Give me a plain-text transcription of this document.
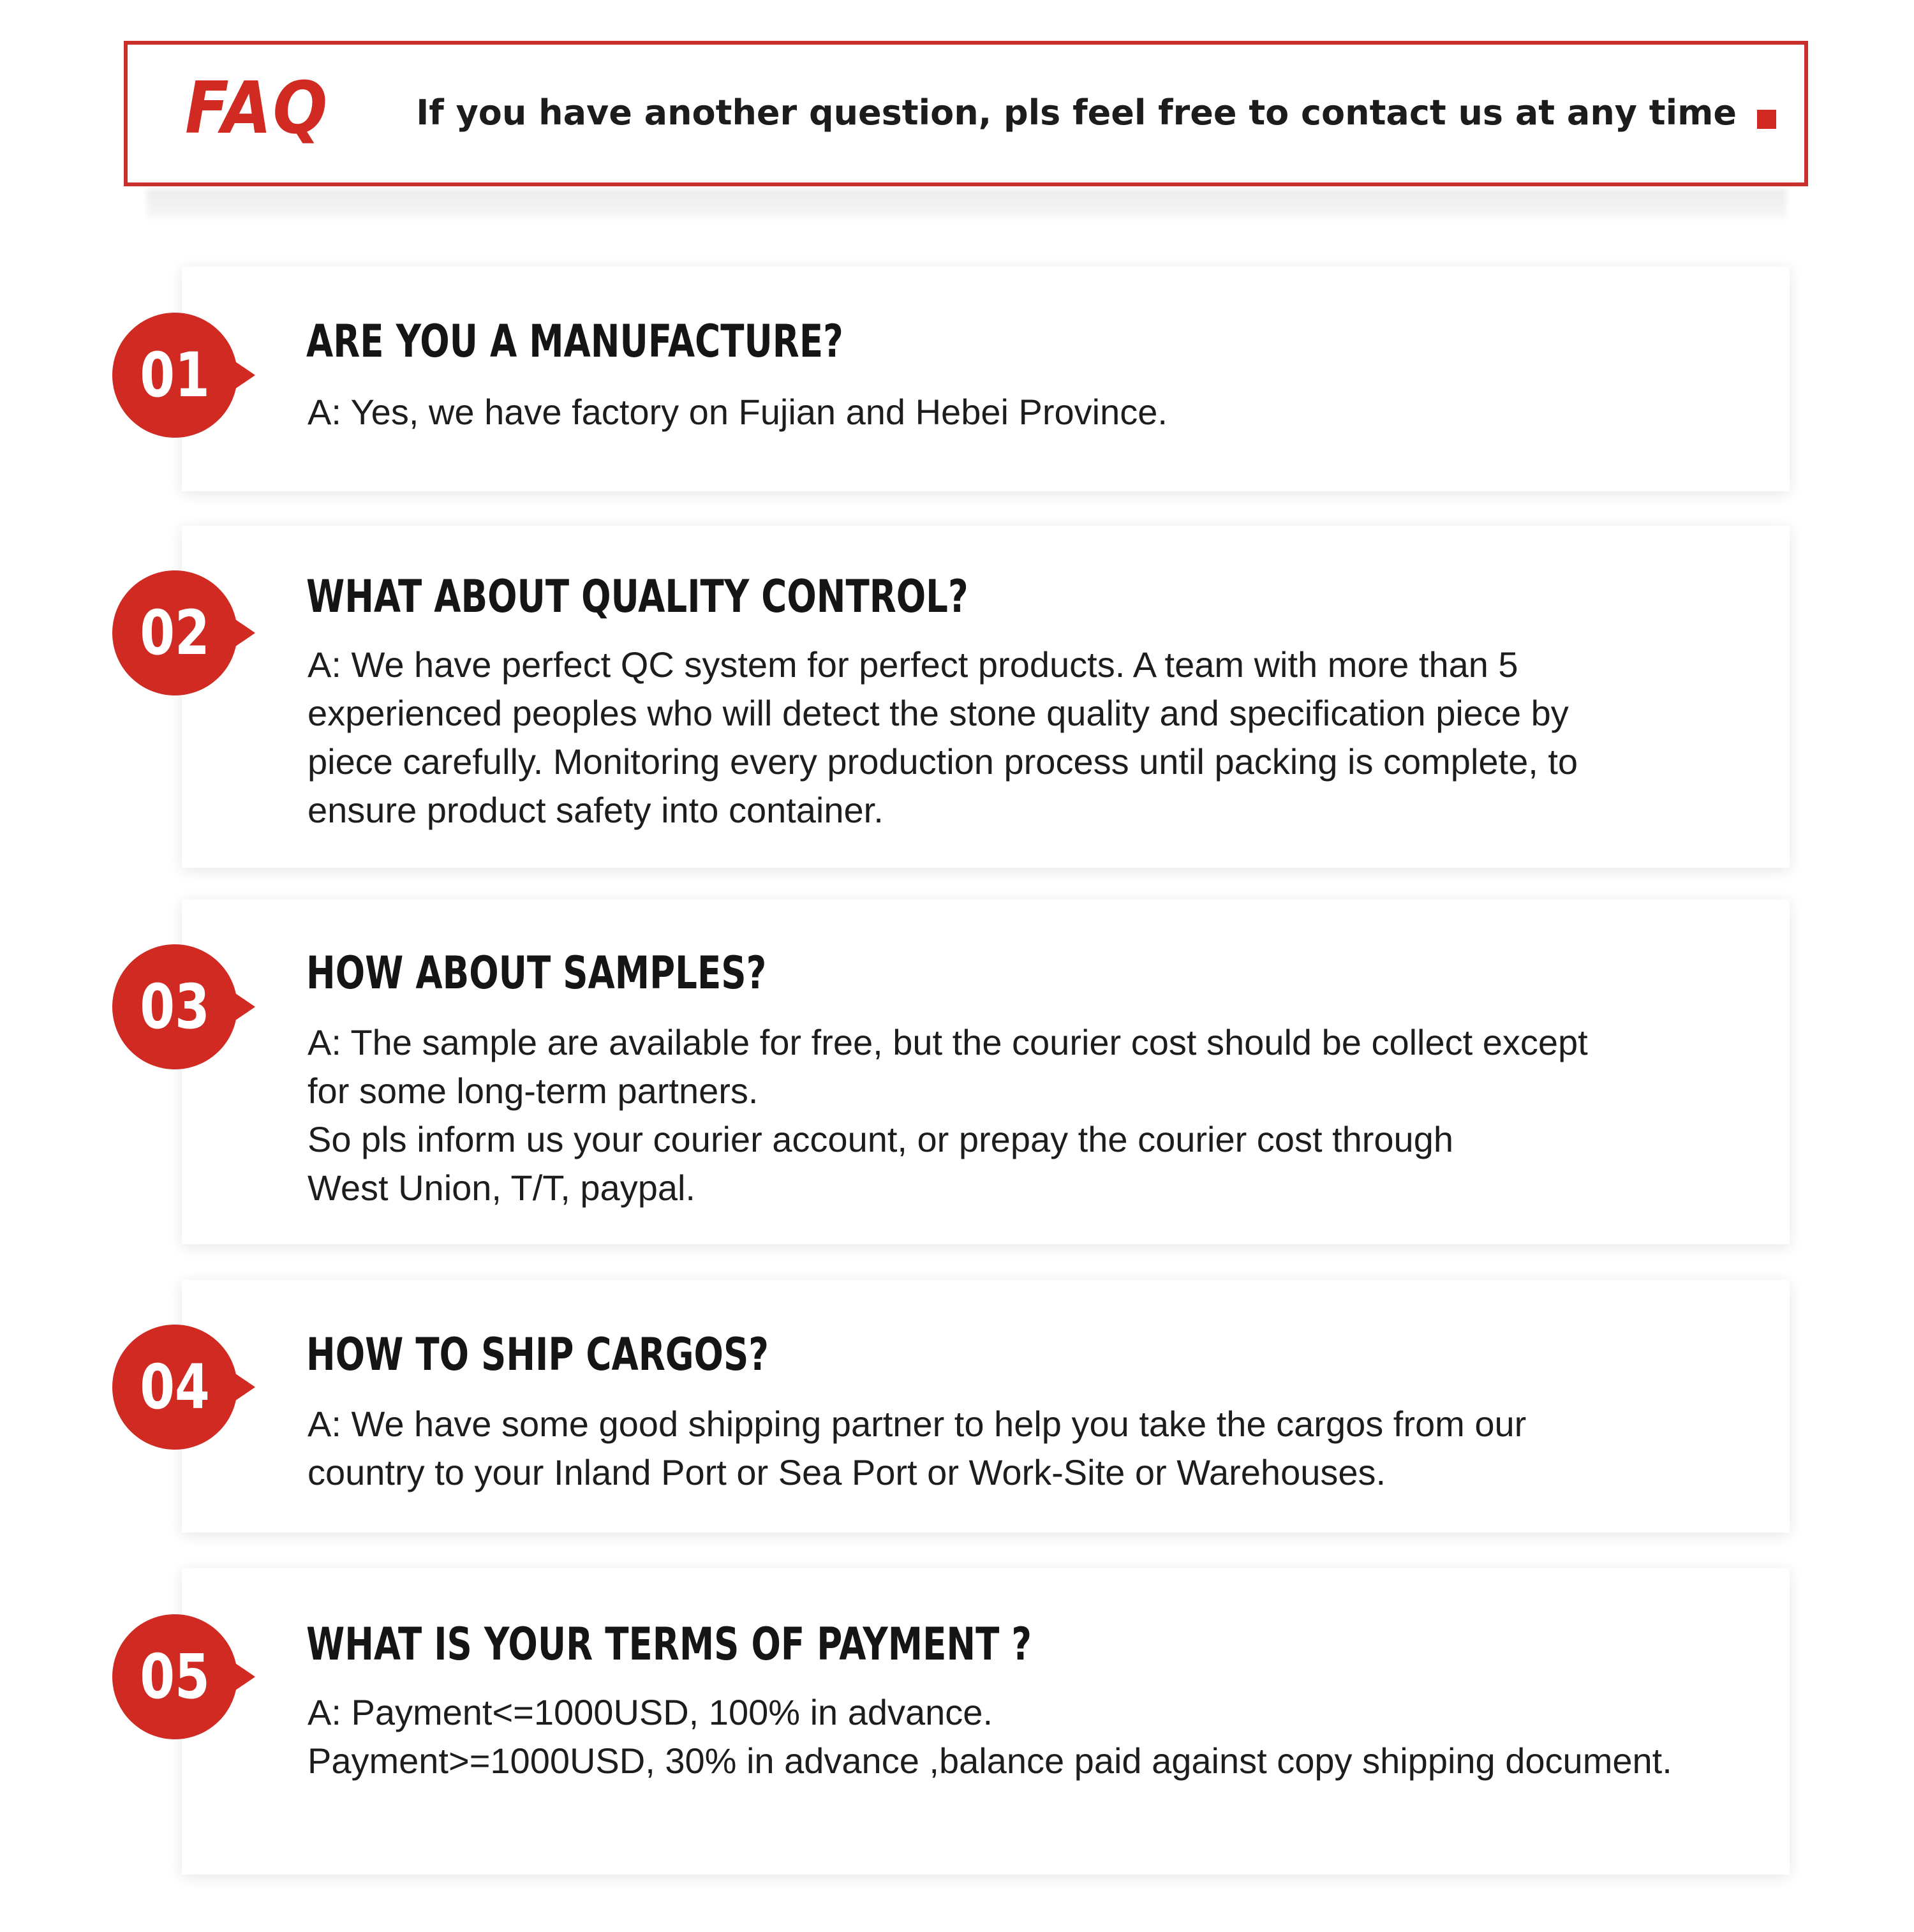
FAQ	If you have another question, pls feel free to contact us at any time
ARE YOU A MANUFACTURE?
A: Yes, we have factory on Fujian and Hebei Province.
01
WHAT ABOUT QUALITY CONTROL?
A: We have perfect QC system for perfect products. A team with more than 5
experienced peoples who will detect the stone quality and specification piece by
piece carefully. Monitoring every production process until packing is complete, to
ensure product safety into container.
02
HOW ABOUT SAMPLES?
A: The sample are available for free, but the courier cost should be collect except
for some long-term partners.
So pls inform us your courier account, or prepay the courier cost through
West Union, T/T, paypal.
03
HOW TO SHIP CARGOS?
A: We have some good shipping partner to help you take the cargos from our
country to your Inland Port or Sea Port or Work-Site or Warehouses.
04
WHAT IS YOUR TERMS OF PAYMENT ?
A: Payment<=1000USD, 100% in advance.
Payment>=1000USD, 30% in advance ,balance paid against copy shipping document.
05
